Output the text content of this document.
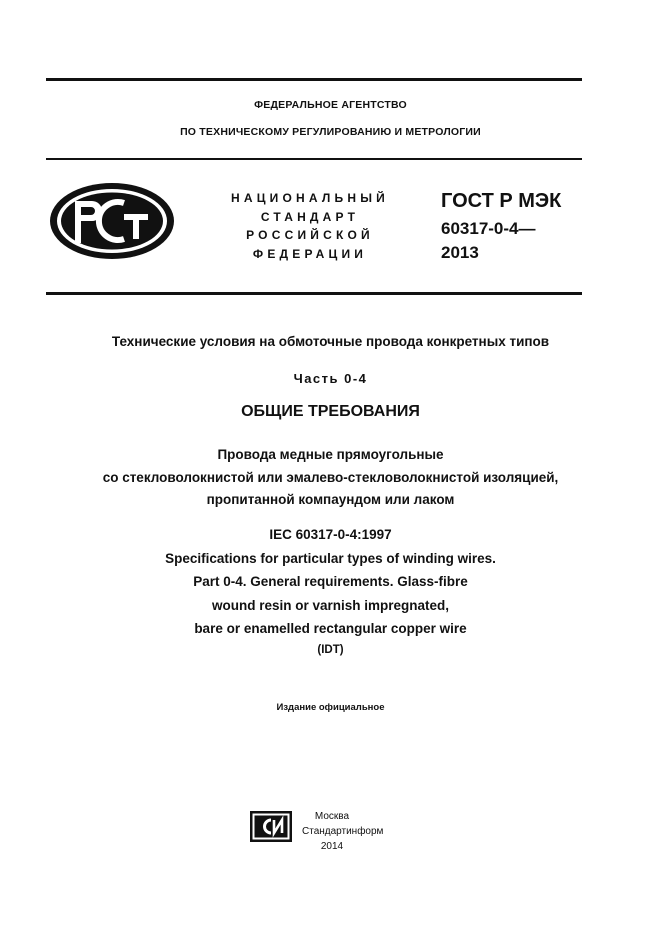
ФЕДЕРАЛЬНОЕ АГЕНТСТВО
ПО ТЕХНИЧЕСКОМУ РЕГУЛИРОВАНИЮ И МЕТРОЛОГИИ
НАЦИОНАЛЬНЫЙ
СТАНДАРТ
РОССИЙСКОЙ
ФЕДЕРАЦИИ
ГОСТ Р МЭК
60317-0-4—
2013
Технические условия на обмоточные провода конкретных типов
Часть 0-4
ОБЩИЕ ТРЕБОВАНИЯ
Провода медные прямоугольные
со стекловолокнистой или эмалево-стекловолокнистой изоляцией,
пропитанной компаундом или лаком
IEC 60317-0-4:1997
Specifications for particular types of winding wires.
Part 0-4. General requirements. Glass-fibre
wound resin or varnish impregnated,
bare or enamelled rectangular copper wire
(IDT)
Издание официальное
Москва
Стандартинформ
2014
